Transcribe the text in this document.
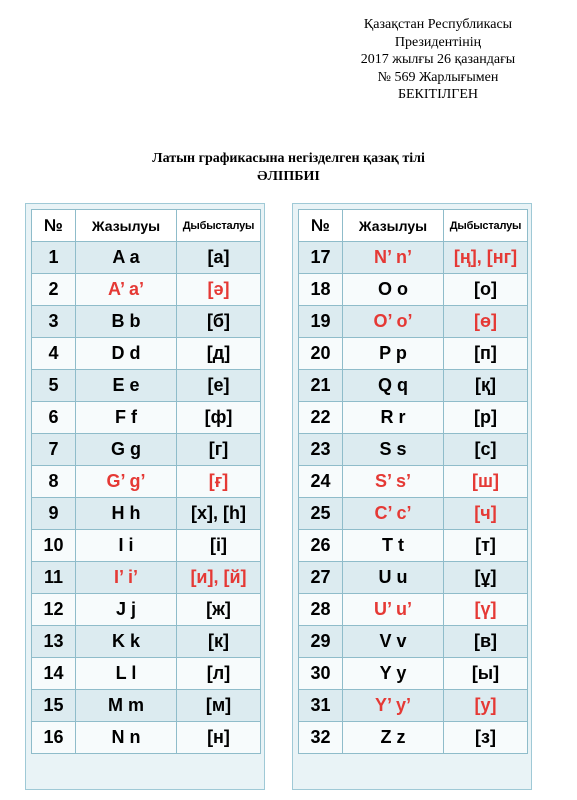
Қазақстан Республикасы
Президентінің
2017 жылғы 26 қазандағы
№ 569 Жарлығымен
БЕКІТІЛГЕН
Латын графикасына негізделген қазақ тілі
ӘЛІПБИІ
№	Жазылуы	Дыбысталуы
1	A a	[a]
2	A’ a’	[ә]
3	B b	[б]
4	D d	[д]
5	E e	[e]
6	F f	[ф]
7	G g	[г]
8	G’ g’	[ғ]
9	H h	[х], [h]
10	I i	[і]
11	I’ i’	[и], [й]
12	J j	[ж]
13	K k	[к]
14	L l	[л]
15	M m	[м]
16	N n	[н]
№	Жазылуы	Дыбысталуы
17	N’ n’	[ң], [нг]
18	O o	[o]
19	O’ o’	[ө]
20	P p	[п]
21	Q q	[қ]
22	R r	[р]
23	S s	[c]
24	S’ s’	[ш]
25	C’ c’	[ч]
26	T t	[т]
27	U u	[ұ]
28	U’ u’	[ү]
29	V v	[в]
30	Y y	[ы]
31	Y’ y’	[у]
32	Z z	[з]
